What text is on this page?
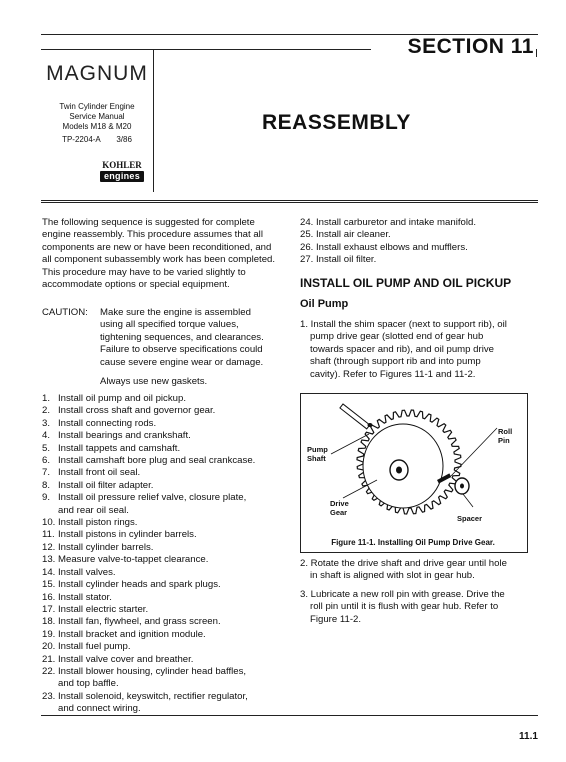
MAGNUM
Twin Cylinder Engine
Service Manual
Models M18 & M20
TP-2204-A 3/86
KOHLER
engines
SECTION 11
REASSEMBLY
The following sequence is suggested for complete engine reassembly. This procedure assumes that all components are new or have been reconditioned, and all component subassembly work has been completed. This procedure may have to be varied slightly to accommodate options or special equipment.
CAUTION: Make sure the engine is assembled
using all specified torque values,
tightening sequences, and clearances.
Failure to observe specifications could
cause severe engine wear or damage.
Always use new gaskets.
1. Install oil pump and oil pickup.
2. Install cross shaft and governor gear.
3. Install connecting rods.
4. Install bearings and crankshaft.
5. Install tappets and camshaft.
6. Install camshaft bore plug and seal crankcase.
7. Install front oil seal.
8. Install oil filter adapter.
9. Install oil pressure relief valve, closure plate,
and rear oil seal.
10. Install piston rings.
11. Install pistons in cylinder barrels.
12. Install cylinder barrels.
13. Measure valve-to-tappet clearance.
14. Install valves.
15. Install cylinder heads and spark plugs.
16. Install stator.
17. Install electric starter.
18. Install fan, flywheel, and grass screen.
19. Install bracket and ignition module.
20. Install fuel pump.
21. Install valve cover and breather.
22. Install blower housing, cylinder head baffles,
and top baffle.
23. Install solenoid, keyswitch, rectifier regulator,
and connect wiring.
24. Install carburetor and intake manifold.
25. Install air cleaner.
26. Install exhaust elbows and mufflers.
27. Install oil filter.
INSTALL OIL PUMP AND OIL PICKUP
Oil Pump
1. Install the shim spacer (next to support rib), oil
pump drive gear (slotted end of gear hub
towards spacer and rib), and oil pump drive
shaft (through support rib and into pump
cavity). Refer to Figures 11-1 and 11-2.
Roll
Pin
Pump
Shaft
Drive
Gear
Spacer
Figure 11-1. Installing Oil Pump Drive Gear.
2. Rotate the drive shaft and drive gear until hole
in shaft is aligned with slot in gear hub.
3. Lubricate a new roll pin with grease. Drive the
roll pin until it is flush with gear hub. Refer to
Figure 11-2.
11.1
